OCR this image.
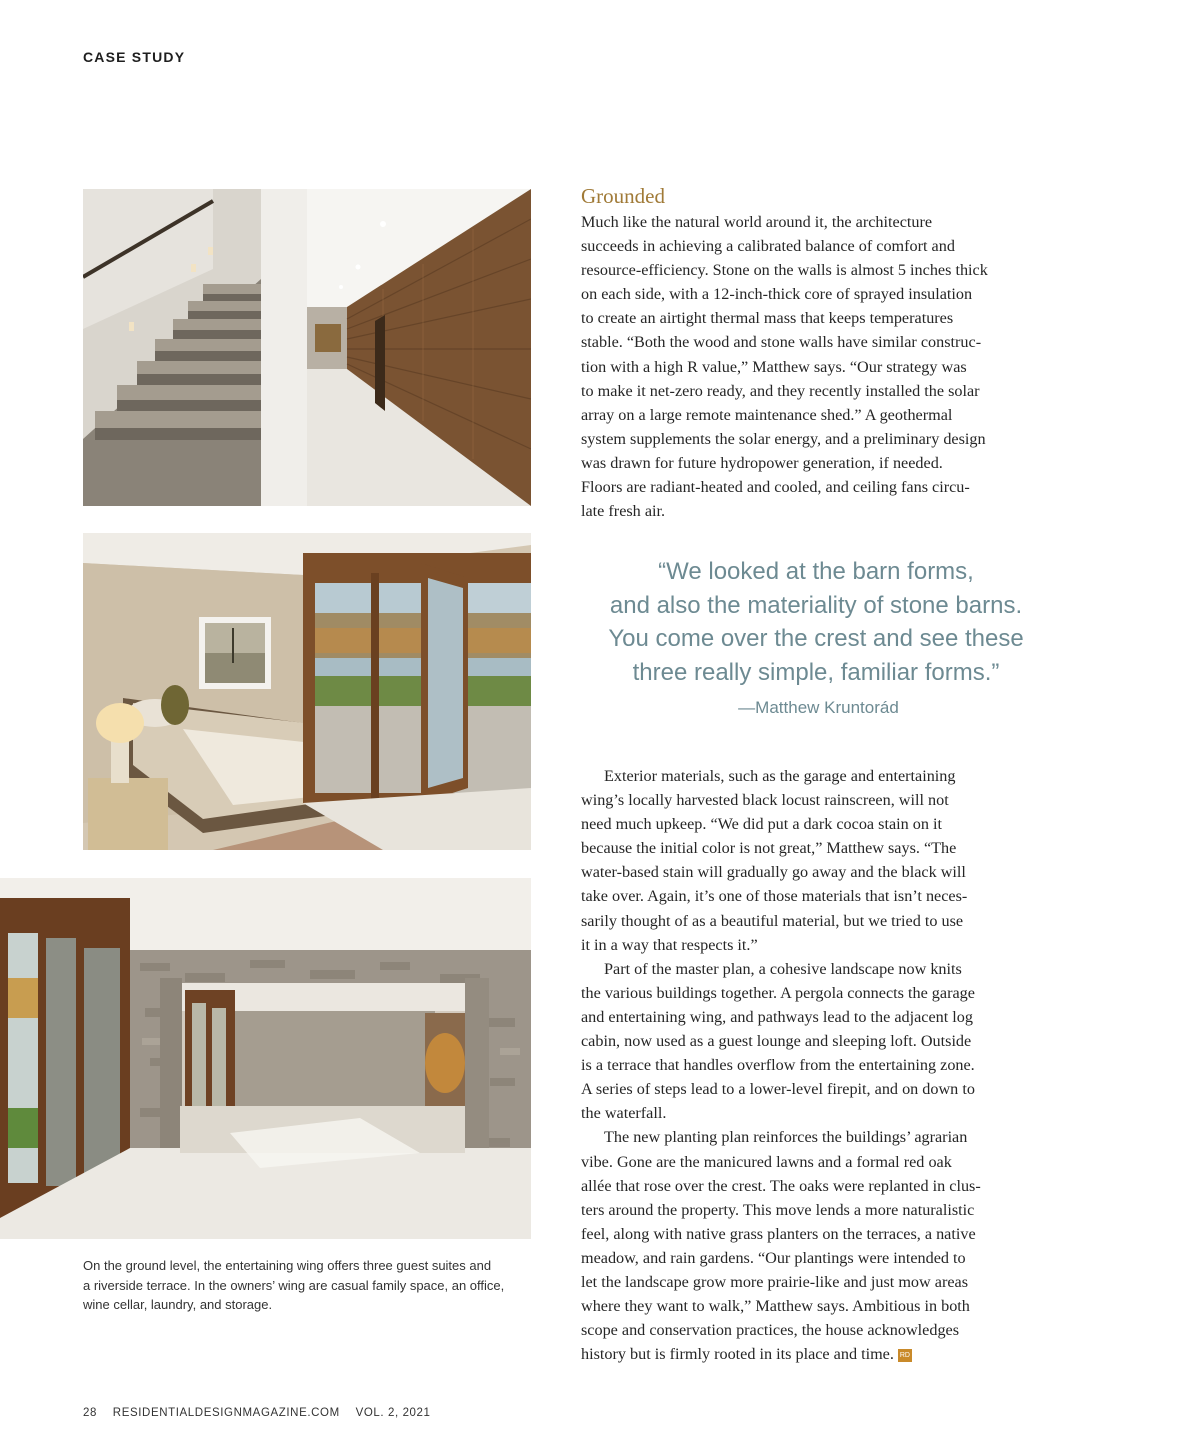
CASE STUDY
On the ground level, the entertaining wing offers three guest suites and
a riverside terrace. In the owners’ wing are casual family space, an office,
wine cellar, laundry, and storage.
Grounded

Much like the natural world around it, the architecture

succeeds in achieving a calibrated balance of comfort and

resource-efficiency. Stone on the walls is almost 5 inches thick

on each side, with a 12-inch-thick core of sprayed insulation

to create an airtight thermal mass that keeps temperatures

stable. “Both the wood and stone walls have similar construc-

tion with a high R value,” Matthew says. “Our strategy was

to make it net-zero ready, and they recently installed the solar

array on a large remote maintenance shed.” A geothermal

system supplements the solar energy, and a preliminary design

was drawn for future hydropower generation, if needed.

Floors are radiant-heated and cooled, and ceiling fans circu-

late fresh air.

“We looked at the barn forms,
and also the materiality of stone barns.
You come over the crest and see these
three really simple, familiar forms.”
—Matthew Kruntorád

Exterior materials, such as the garage and entertaining

wing’s locally harvested black locust rainscreen, will not

need much upkeep. “We did put a dark cocoa stain on it

because the initial color is not great,” Matthew says. “The

water-based stain will gradually go away and the black will

take over. Again, it’s one of those materials that isn’t neces-

sarily thought of as a beautiful material, but we tried to use

it in a way that respects it.”

Part of the master plan, a cohesive landscape now knits

the various buildings together. A pergola connects the garage

and entertaining wing, and pathways lead to the adjacent log

cabin, now used as a guest lounge and sleeping loft. Outside

is a terrace that handles overflow from the entertaining zone.

A series of steps lead to a lower-level firepit, and on down to

the waterfall.

The new planting plan reinforces the buildings’ agrarian

vibe. Gone are the manicured lawns and a formal red oak

allée that rose over the crest. The oaks were replanted in clus-

ters around the property. This move lends a more naturalistic

feel, along with native grass planters on the terraces, a native

meadow, and rain gardens. “Our plantings were intended to

let the landscape grow more prairie-like and just mow areas

where they want to walk,” Matthew says. Ambitious in both

scope and conservation practices, the house acknowledges

history but is firmly rooted in its place and time. RD

28 RESIDENTIALDESIGNMAGAZINE.COM VOL. 2, 2021
